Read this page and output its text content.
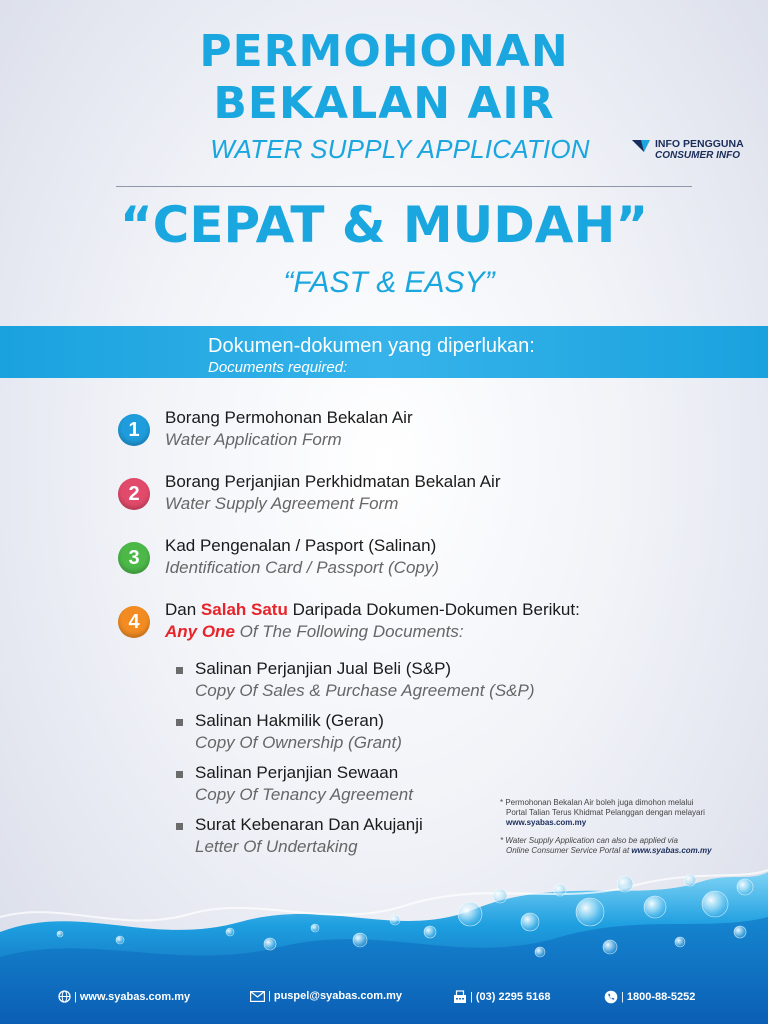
PERMOHONAN
BEKALAN AIR
WATER SUPPLY APPLICATION	INFO PENGGUNA
CONSUMER INFO
“CEPAT & MUDAH”
“FAST & EASY”
Dokumen-dokumen yang diperlukan:
Documents required:
1
Borang Permohonan Bekalan Air
Water Application Form
2
Borang Perjanjian Perkhidmatan Bekalan Air
Water Supply Agreement Form
3
Kad Pengenalan / Pasport (Salinan)
Identification Card / Passport (Copy)
4
Dan Salah Satu Daripada Dokumen-Dokumen Berikut:
Any One Of The Following Documents:
Salinan Perjanjian Jual Beli (S&P)
Copy Of Sales & Purchase Agreement (S&P)
Salinan Hakmilik (Geran)
Copy Of Ownership (Grant)
Salinan Perjanjian Sewaan
Copy Of Tenancy Agreement
Surat Kebenaran Dan Akujanji
Letter Of Undertaking
* Permohonan Bekalan Air boleh juga dimohon melalui
Portal Talian Terus Khidmat Pelanggan dengan melayari
www.syabas.com.my
* Water Supply Application can also be applied via
Online Consumer Service Portal at www.syabas.com.my
| www.syabas.com.my	| puspel@syabas.com.my	| (03) 2295 5168	| 1800-88-5252
